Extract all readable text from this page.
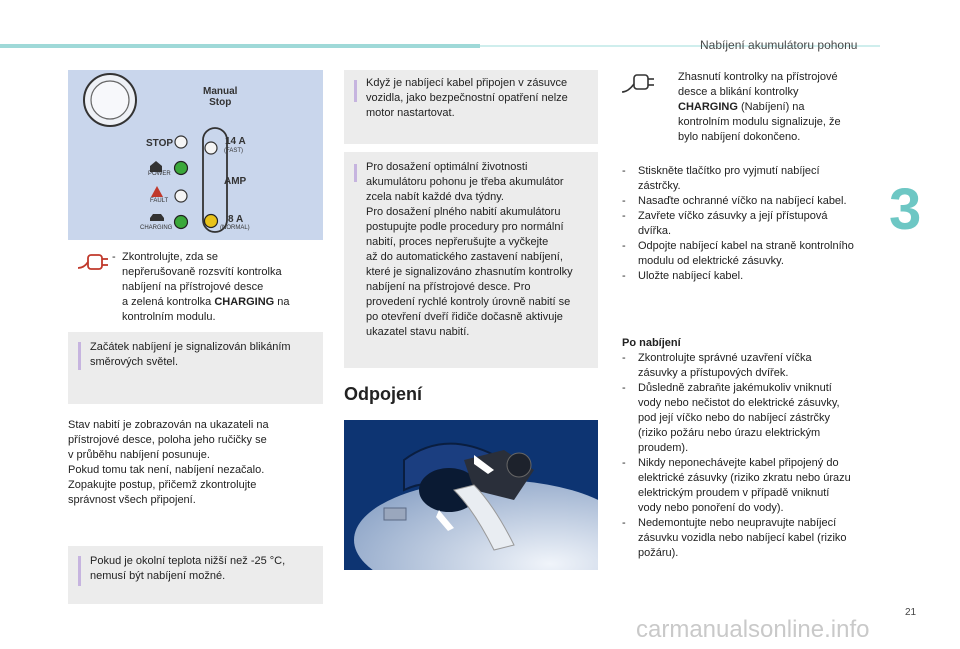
Nabíjení akumulátoru pohonu
3
Manual
Stop
STOP	14 A
(FAST)
POWER
AMP
FAULT
8 A
CHARGING	(NORMAL)
- Zkontrolujte, zda se
nepřerušovaně rozsvítí kontrolka
nabíjení na přístrojové desce
a zelená kontrolka CHARGING na
kontrolním modulu.
Začátek nabíjení je signalizován blikáním
směrových světel.
Stav nabití je zobrazován na ukazateli na
přístrojové desce, poloha jeho ručičky se
v průběhu nabíjení posunuje.
Pokud tomu tak není, nabíjení nezačalo.
Zopakujte postup, přičemž zkontrolujte
správnost všech připojení.
Pokud je okolní teplota nižší než -25 °C,
nemusí být nabíjení možné.
Když je nabíjecí kabel připojen v zásuvce
vozidla, jako bezpečnostní opatření nelze
motor nastartovat.
Pro dosažení optimální životnosti
akumulátoru pohonu je třeba akumulátor
zcela nabít každé dva týdny.
Pro dosažení plného nabití akumulátoru
postupujte podle procedury pro normální
nabití, proces nepřerušujte a vyčkejte
až do automatického zastavení nabíjení,
které je signalizováno zhasnutím kontrolky
nabíjení na přístrojové desce. Pro
provedení rychlé kontroly úrovně nabití se
po otevření dveří řidiče dočasně aktivuje
ukazatel stavu nabití.
Odpojení
Zhasnutí kontrolky na přístrojové
desce a blikání kontrolky
CHARGING (Nabíjení) na
kontrolním modulu signalizuje, že
bylo nabíjení dokončeno.
- Stiskněte tlačítko pro vyjmutí nabíjecí
zástrčky.
- Nasaďte ochranné víčko na nabíjecí kabel.
- Zavřete víčko zásuvky a její přístupová
dvířka.
- Odpojte nabíjecí kabel na straně kontrolního
modulu od elektrické zásuvky.
- Uložte nabíjecí kabel.
Po nabíjení
- Zkontrolujte správné uzavření víčka
zásuvky a přístupových dvířek.
- Důsledně zabraňte jakémukoliv vniknutí
vody nebo nečistot do elektrické zásuvky,
pod její víčko nebo do nabíjecí zástrčky
(riziko požáru nebo úrazu elektrickým
proudem).
- Nikdy neponechávejte kabel připojený do
elektrické zásuvky (riziko zkratu nebo úrazu
elektrickým proudem v případě vniknutí
vody nebo ponoření do vody).
- Nedemontujte nebo neupravujte nabíjecí
zásuvku vozidla nebo nabíjecí kabel (riziko
požáru).
21
carmanualsonline.info
